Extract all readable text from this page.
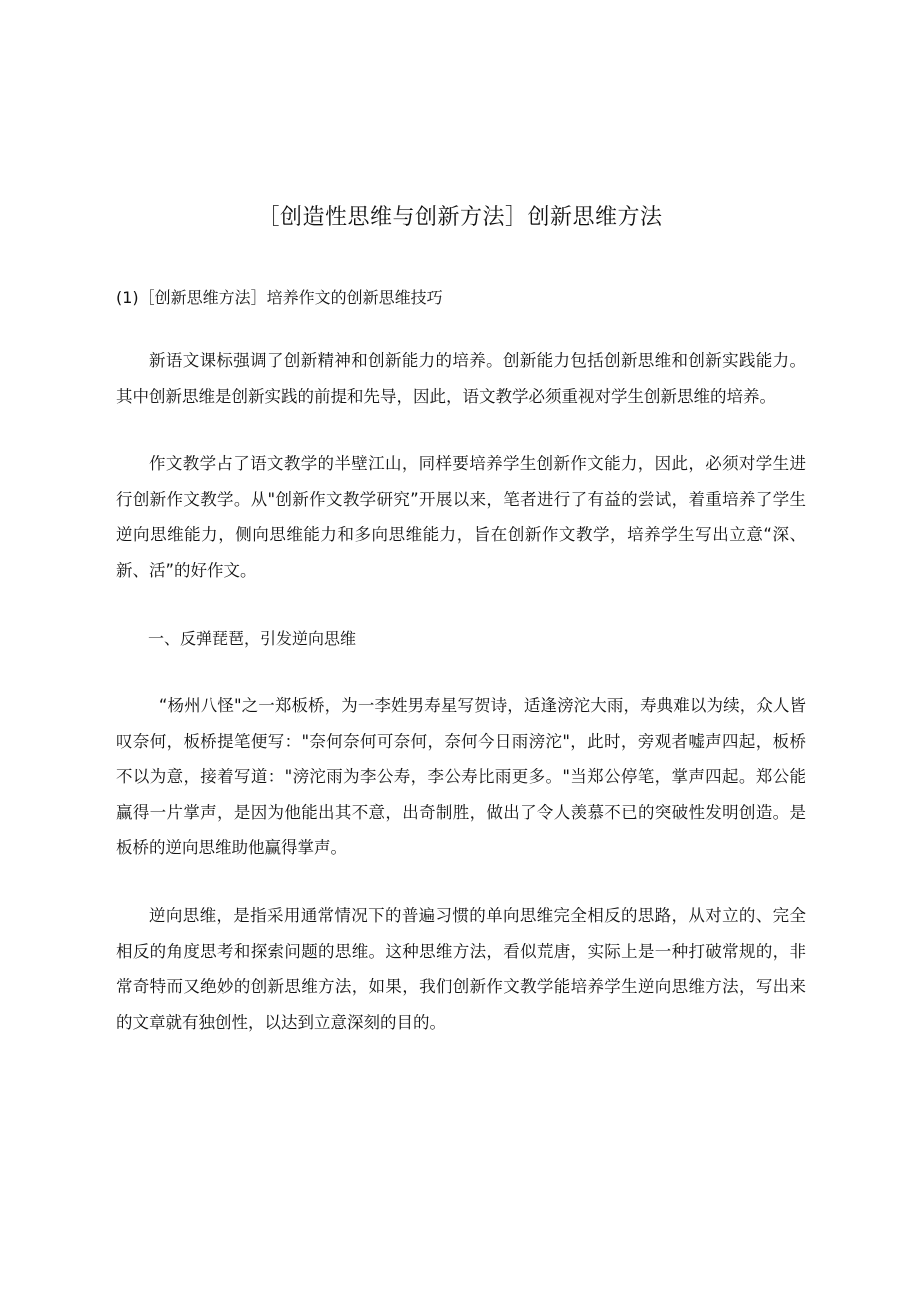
［创造性思维与创新方法］创新思维方法

(1)［创新思维方法］培养作文的创新思维技巧

新语文课标强调了创新精神和创新能力的培养。创新能力包括创新思维和创新实践能力。其中创新思维是创新实践的前提和先导，因此，语文教学必须重视对学生创新思维的培养。

作文教学占了语文教学的半壁江山，同样要培养学生创新作文能力，因此，必须对学生进行创新作文教学。从"创新作文教学研究”开展以来，笔者进行了有益的尝试，着重培养了学生逆向思维能力，侧向思维能力和多向思维能力，旨在创新作文教学，培养学生写出立意“深、新、活”的好作文。

一、反弹琵琶，引发逆向思维

“杨州八怪"之一郑板桥，为一李姓男寿星写贺诗，适逢滂沱大雨，寿典难以为续，众人皆叹奈何，板桥提笔便写："奈何奈何可奈何，奈何今日雨滂沱"，此时，旁观者嘘声四起，板桥不以为意，接着写道："滂沱雨为李公寿，李公寿比雨更多。"当郑公停笔，掌声四起。郑公能赢得一片掌声，是因为他能出其不意，出奇制胜，做出了令人羡慕不已的突破性发明创造。是板桥的逆向思维助他赢得掌声。

逆向思维，是指采用通常情况下的普遍习惯的单向思维完全相反的思路，从对立的、完全相反的角度思考和探索问题的思维。这种思维方法，看似荒唐，实际上是一种打破常规的，非常奇特而又绝妙的创新思维方法，如果，我们创新作文教学能培养学生逆向思维方法，写出来的文章就有独创性，以达到立意深刻的目的。
